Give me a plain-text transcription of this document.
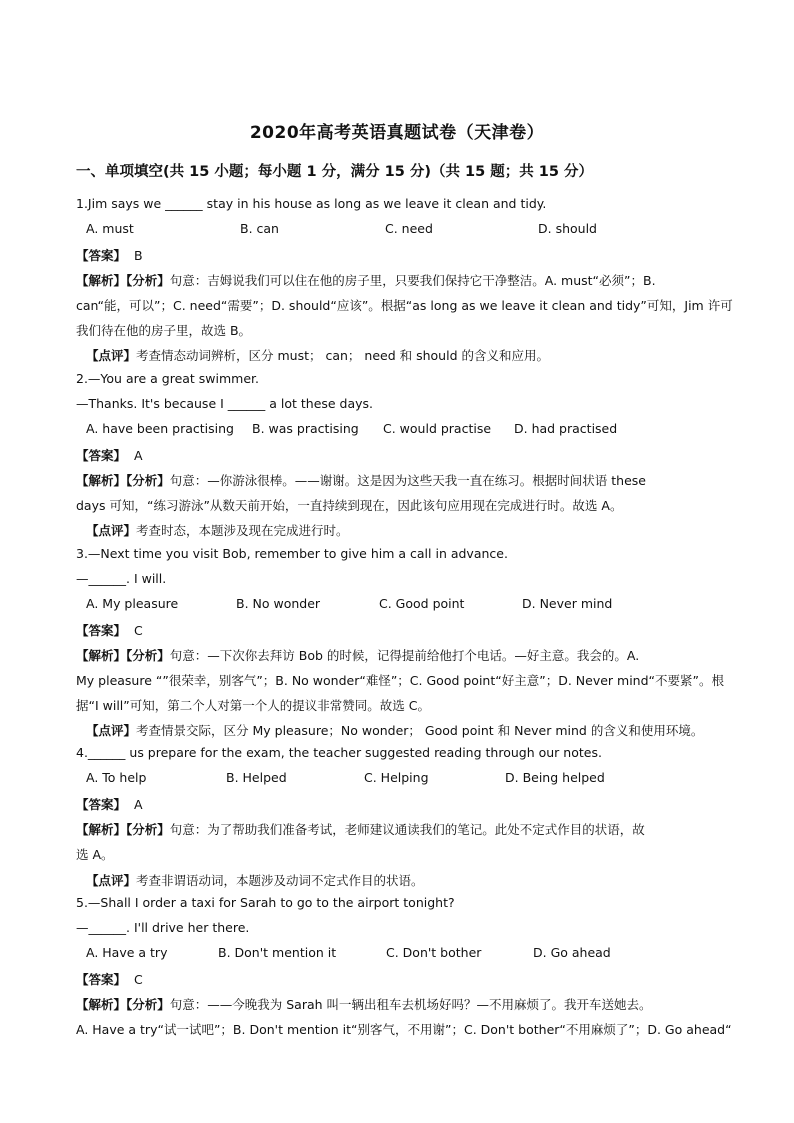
2020年高考英语真题试卷（天津卷）
一、单项填空(共 15 小题；每小题 1 分，满分 15 分)（共 15 题；共 15 分）
1.Jim says we ______ stay in his house as long as we leave it clean and tidy.
A. must	B. can	C. need	D. should
【答案】 B
【解析】【分析】句意：吉姆说我们可以住在他的房子里，只要我们保持它干净整洁。A. must“必须”；B.
can“能，可以”；C. need“需要”；D. should“应该”。根据“as long as we leave it clean and tidy”可知，Jim 许可
我们待在他的房子里，故选 B。
【点评】考查情态动词辨析，区分 must； can； need 和 should 的含义和应用。
2.—You are a great swimmer.
—Thanks. It's because I ______ a lot these days.
A. have been practising B. was practising C. would practise D. had practised
【答案】 A
【解析】【分析】句意：—你游泳很棒。——谢谢。这是因为这些天我一直在练习。根据时间状语 these
days 可知，“练习游泳”从数天前开始，一直持续到现在，因此该句应用现在完成进行时。故选 A。
【点评】考查时态，本题涉及现在完成进行时。
3.—Next time you visit Bob, remember to give him a call in advance.
—______. I will.
A. My pleasure	B. No wonder	C. Good point	D. Never mind
【答案】 C
【解析】【分析】句意：—下次你去拜访 Bob 的时候，记得提前给他打个电话。—好主意。我会的。A.
My pleasure “”很荣幸，别客气”；B. No wonder“难怪”；C. Good point“好主意”；D. Never mind“不要紧”。根
据“I will”可知，第二个人对第一个人的提议非常赞同。故选 C。
【点评】考查情景交际，区分 My pleasure；No wonder； Good point 和 Never mind 的含义和使用环境。
4.______ us prepare for the exam, the teacher suggested reading through our notes.
A. To help	B. Helped	C. Helping	D. Being helped
【答案】 A
【解析】【分析】句意：为了帮助我们准备考试，老师建议通读我们的笔记。此处不定式作目的状语，故
选 A。
【点评】考查非谓语动词，本题涉及动词不定式作目的状语。
5.—Shall I order a taxi for Sarah to go to the airport tonight?
—______. I'll drive her there.
A. Have a try	B. Don't mention it	C. Don't bother	D. Go ahead
【答案】 C
【解析】【分析】句意：——今晚我为 Sarah 叫一辆出租车去机场好吗？—不用麻烦了。我开车送她去。
A. Have a try“试一试吧”；B. Don't mention it“别客气，不用谢”；C. Don't bother“不用麻烦了”；D. Go ahead“
